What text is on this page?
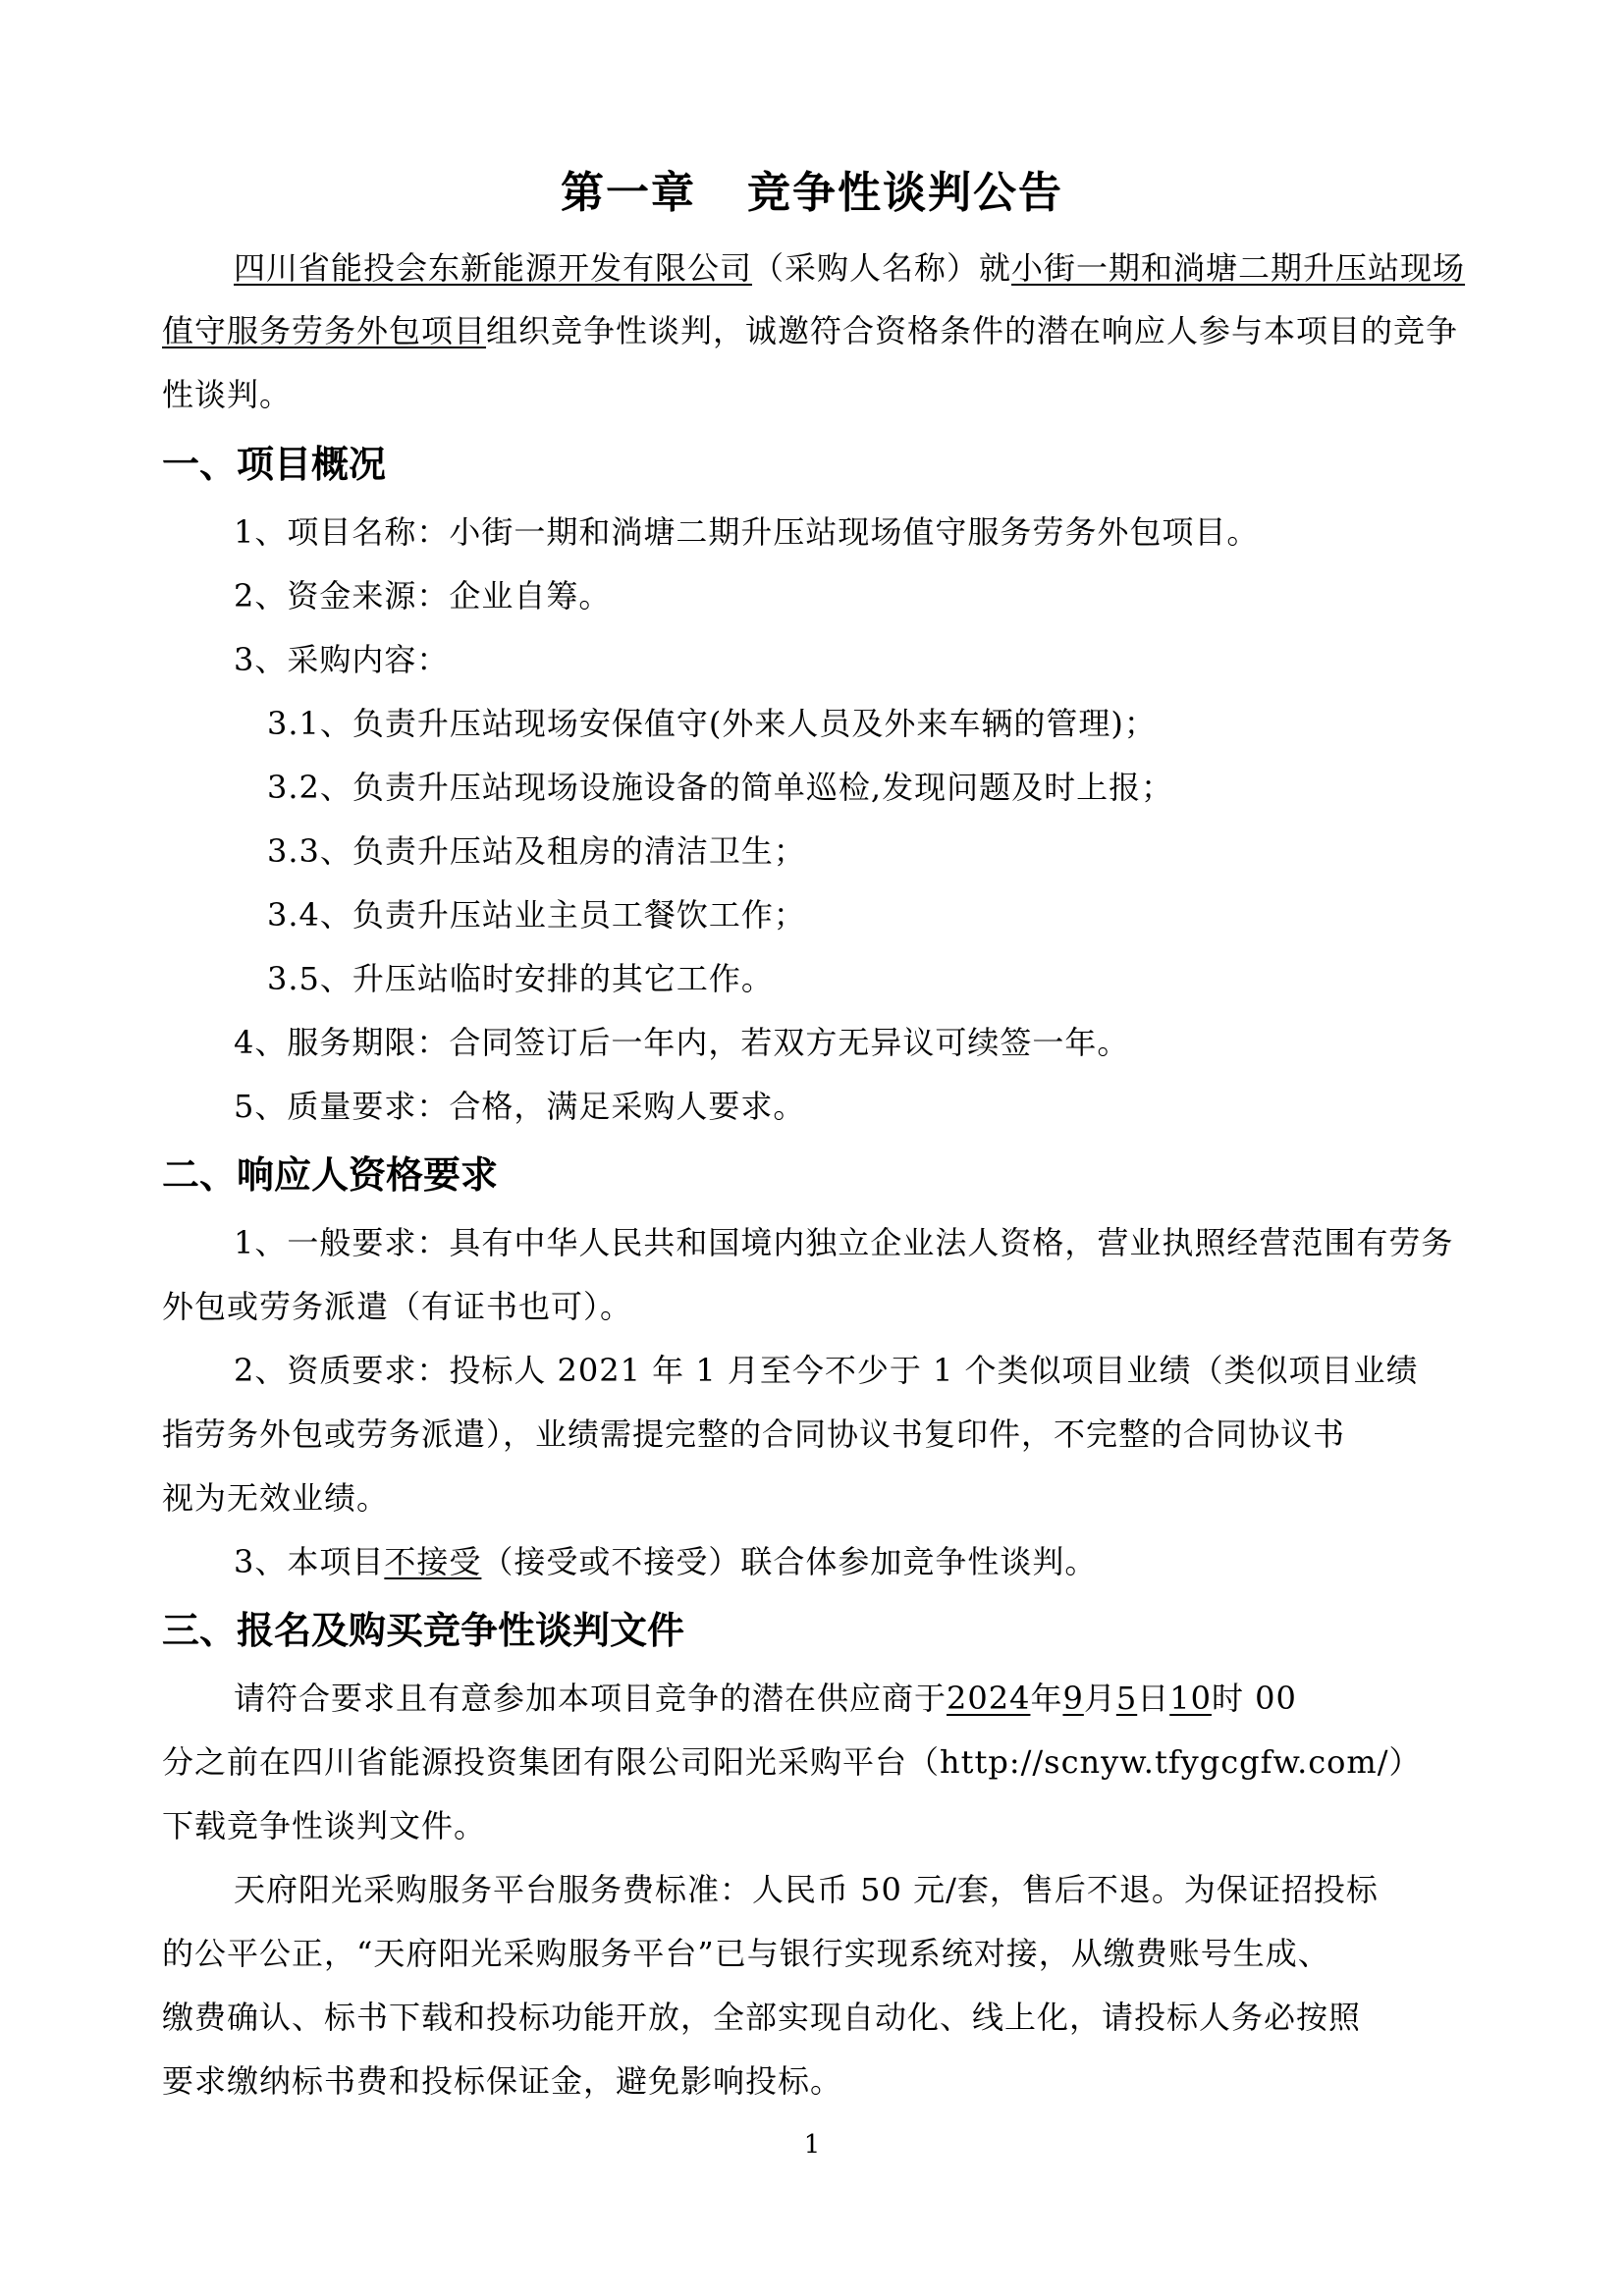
第一章 竞争性谈判公告
四川省能投会东新能源开发有限公司（采购人名称）就小街一期和淌塘二期升压站现场
值守服务劳务外包项目组织竞争性谈判，诚邀符合资格条件的潜在响应人参与本项目的竞争
性谈判。
一、项目概况
1、项目名称：小街一期和淌塘二期升压站现场值守服务劳务外包项目。
2、资金来源：企业自筹。
3、采购内容：
3.1、负责升压站现场安保值守(外来人员及外来车辆的管理)；
3.2、负责升压站现场设施设备的简单巡检,发现问题及时上报；
3.3、负责升压站及租房的清洁卫生；
3.4、负责升压站业主员工餐饮工作；
3.5、升压站临时安排的其它工作。
4、服务期限：合同签订后一年内，若双方无异议可续签一年。
5、质量要求：合格，满足采购人要求。
二、响应人资格要求
1、一般要求：具有中华人民共和国境内独立企业法人资格，营业执照经营范围有劳务
外包或劳务派遣（有证书也可）。
2、资质要求：投标人 2021 年 1 月至今不少于 1 个类似项目业绩（类似项目业绩
指劳务外包或劳务派遣），业绩需提完整的合同协议书复印件，不完整的合同协议书
视为无效业绩。
3、本项目不接受（接受或不接受）联合体参加竞争性谈判。
三、报名及购买竞争性谈判文件
请符合要求且有意参加本项目竞争的潜在供应商于2024年9月5日10时 00
分之前在四川省能源投资集团有限公司阳光采购平台（http://scnyw.tfygcgfw.com/）
下载竞争性谈判文件。
天府阳光采购服务平台服务费标准：人民币 50 元/套，售后不退。为保证招投标
的公平公正，“天府阳光采购服务平台”已与银行实现系统对接，从缴费账号生成、
缴费确认、标书下载和投标功能开放，全部实现自动化、线上化，请投标人务必按照
要求缴纳标书费和投标保证金，避免影响投标。
1
